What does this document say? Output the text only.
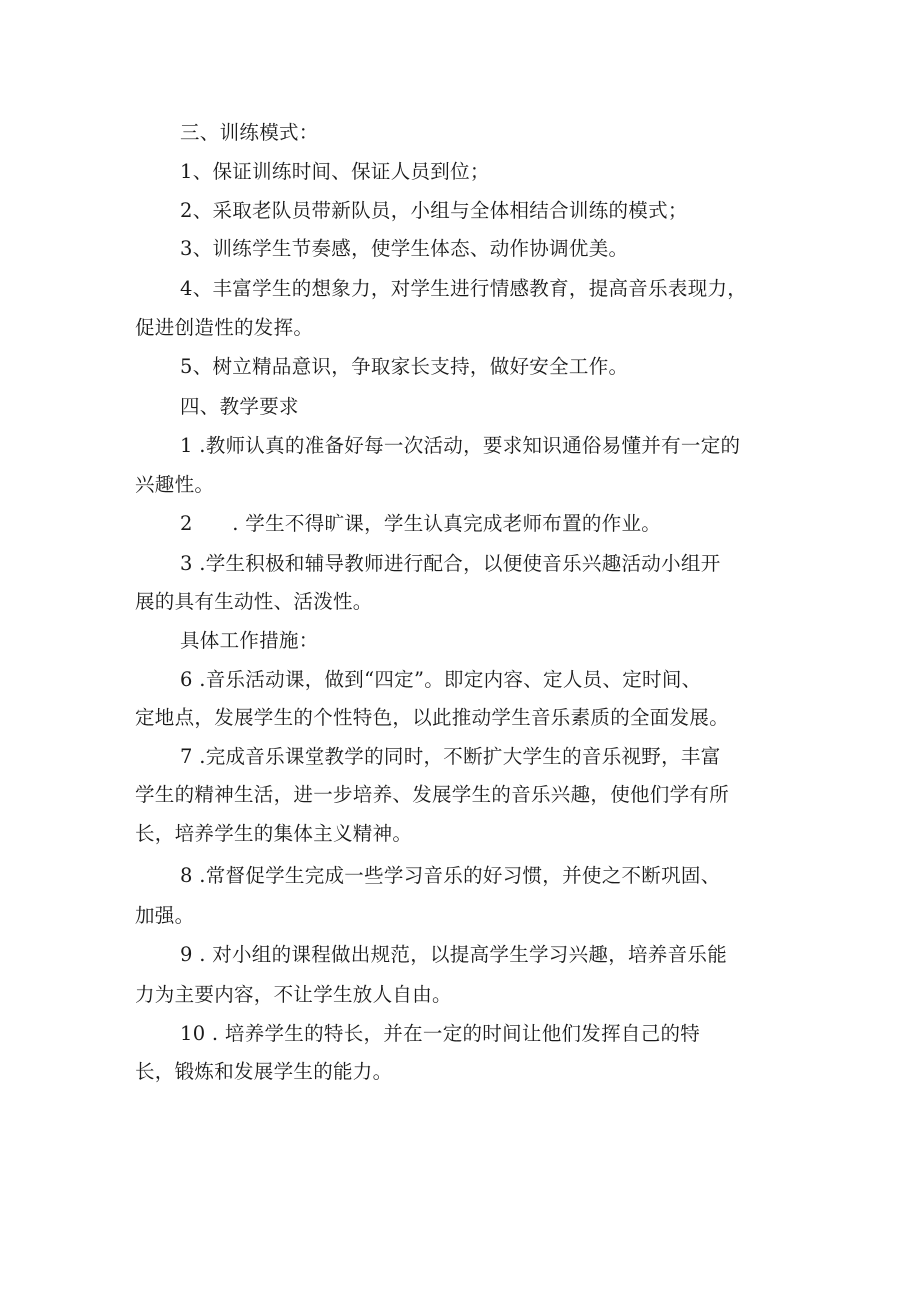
三、训练模式：
1、保证训练时间、保证人员到位；
2、采取老队员带新队员，小组与全体相结合训练的模式；
3、训练学生节奏感，使学生体态、动作协调优美。
4、丰富学生的想象力，对学生进行情感教育，提高音乐表现力，
促进创造性的发挥。
5、树立精品意识，争取家长支持，做好安全工作。
四、教学要求
1 .教师认真的准备好每一次活动，要求知识通俗易懂并有一定的
兴趣性。
2　　. 学生不得旷课，学生认真完成老师布置的作业。
3 .学生积极和辅导教师进行配合，以便使音乐兴趣活动小组开
展的具有生动性、活泼性。
具体工作措施：
6 .音乐活动课，做到“四定”。即定内容、定人员、定时间、
定地点，发展学生的个性特色，以此推动学生音乐素质的全面发展。
7 .完成音乐课堂教学的同时，不断扩大学生的音乐视野，丰富
学生的精神生活，进一步培养、发展学生的音乐兴趣，使他们学有所
长，培养学生的集体主义精神。
8 .常督促学生完成一些学习音乐的好习惯，并使之不断巩固、
加强。
9 . 对小组的课程做出规范，以提高学生学习兴趣，培养音乐能
力为主要内容，不让学生放人自由。
10 . 培养学生的特长，并在一定的时间让他们发挥自己的特
长，锻炼和发展学生的能力。
